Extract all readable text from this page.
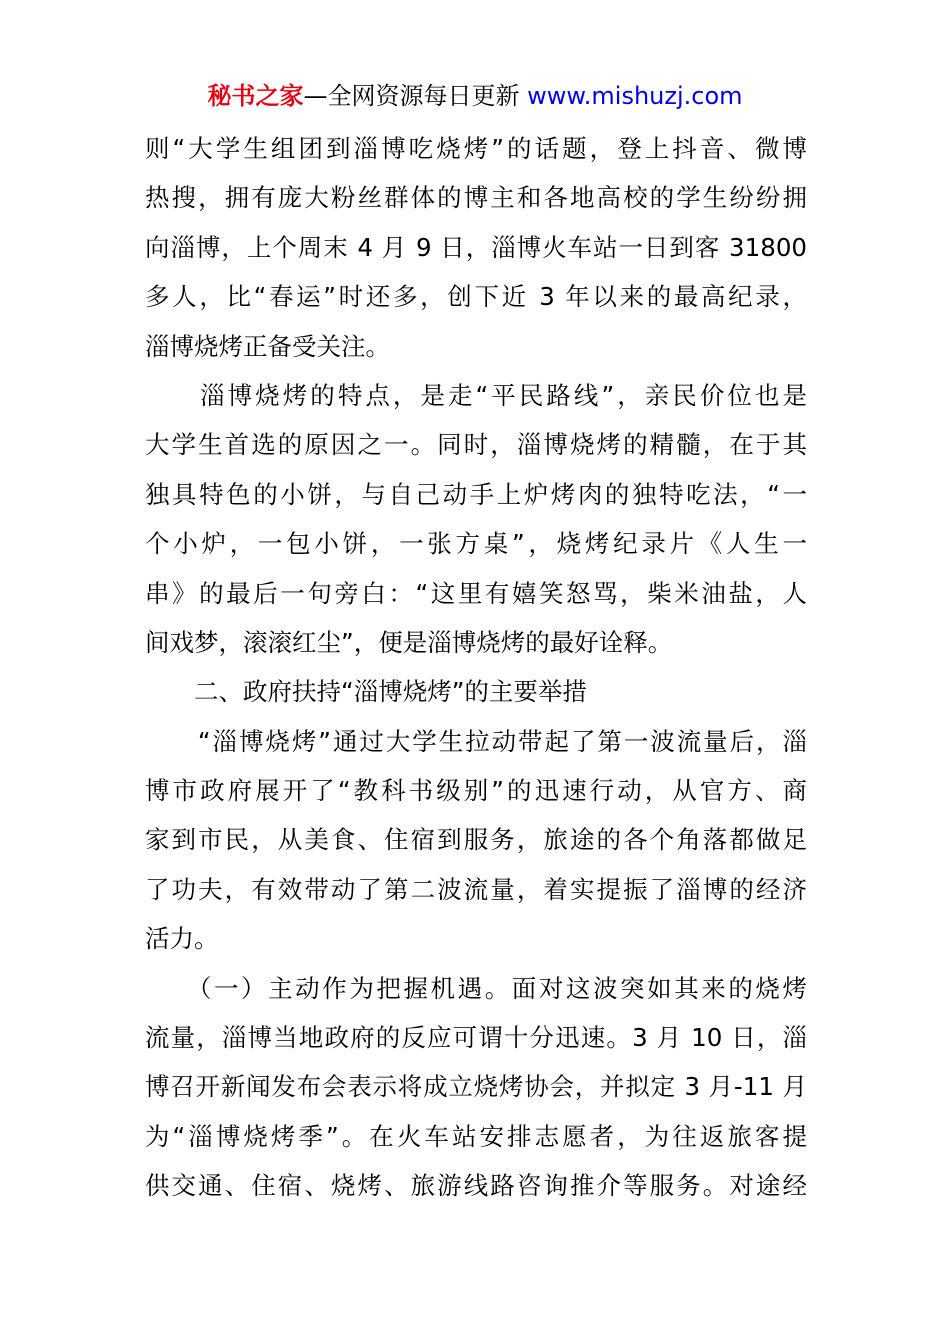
秘书之家—全网资源每日更新 www.mishuzj.com
则“大学生组团到淄博吃烧烤”的话题，登上抖音、微博
热搜，拥有庞大粉丝群体的博主和各地高校的学生纷纷拥
向淄博，上个周末 4 月 9 日，淄博火车站一日到客 31800
多人，比“春运”时还多，创下近 3 年以来的最高纪录，
淄博烧烤正备受关注。
　　淄博烧烤的特点，是走“平民路线”，亲民价位也是
大学生首选的原因之一。同时，淄博烧烤的精髓，在于其
独具特色的小饼，与自己动手上炉烤肉的独特吃法，“一
个小炉，一包小饼，一张方桌”，烧烤纪录片《人生一
串》的最后一句旁白：“这里有嬉笑怒骂，柴米油盐，人
间戏梦，滚滚红尘”，便是淄博烧烤的最好诠释。
　　二、政府扶持“淄博烧烤”的主要举措
　　“淄博烧烤”通过大学生拉动带起了第一波流量后，淄
博市政府展开了“教科书级别”的迅速行动，从官方、商
家到市民，从美食、住宿到服务，旅途的各个角落都做足
了功夫，有效带动了第二波流量，着实提振了淄博的经济
活力。
　　（一）主动作为把握机遇。面对这波突如其来的烧烤
流量，淄博当地政府的反应可谓十分迅速。3 月 10 日，淄
博召开新闻发布会表示将成立烧烤协会，并拟定 3 月-11 月
为“淄博烧烤季”。在火车站安排志愿者，为往返旅客提
供交通、住宿、烧烤、旅游线路咨询推介等服务。对途经
